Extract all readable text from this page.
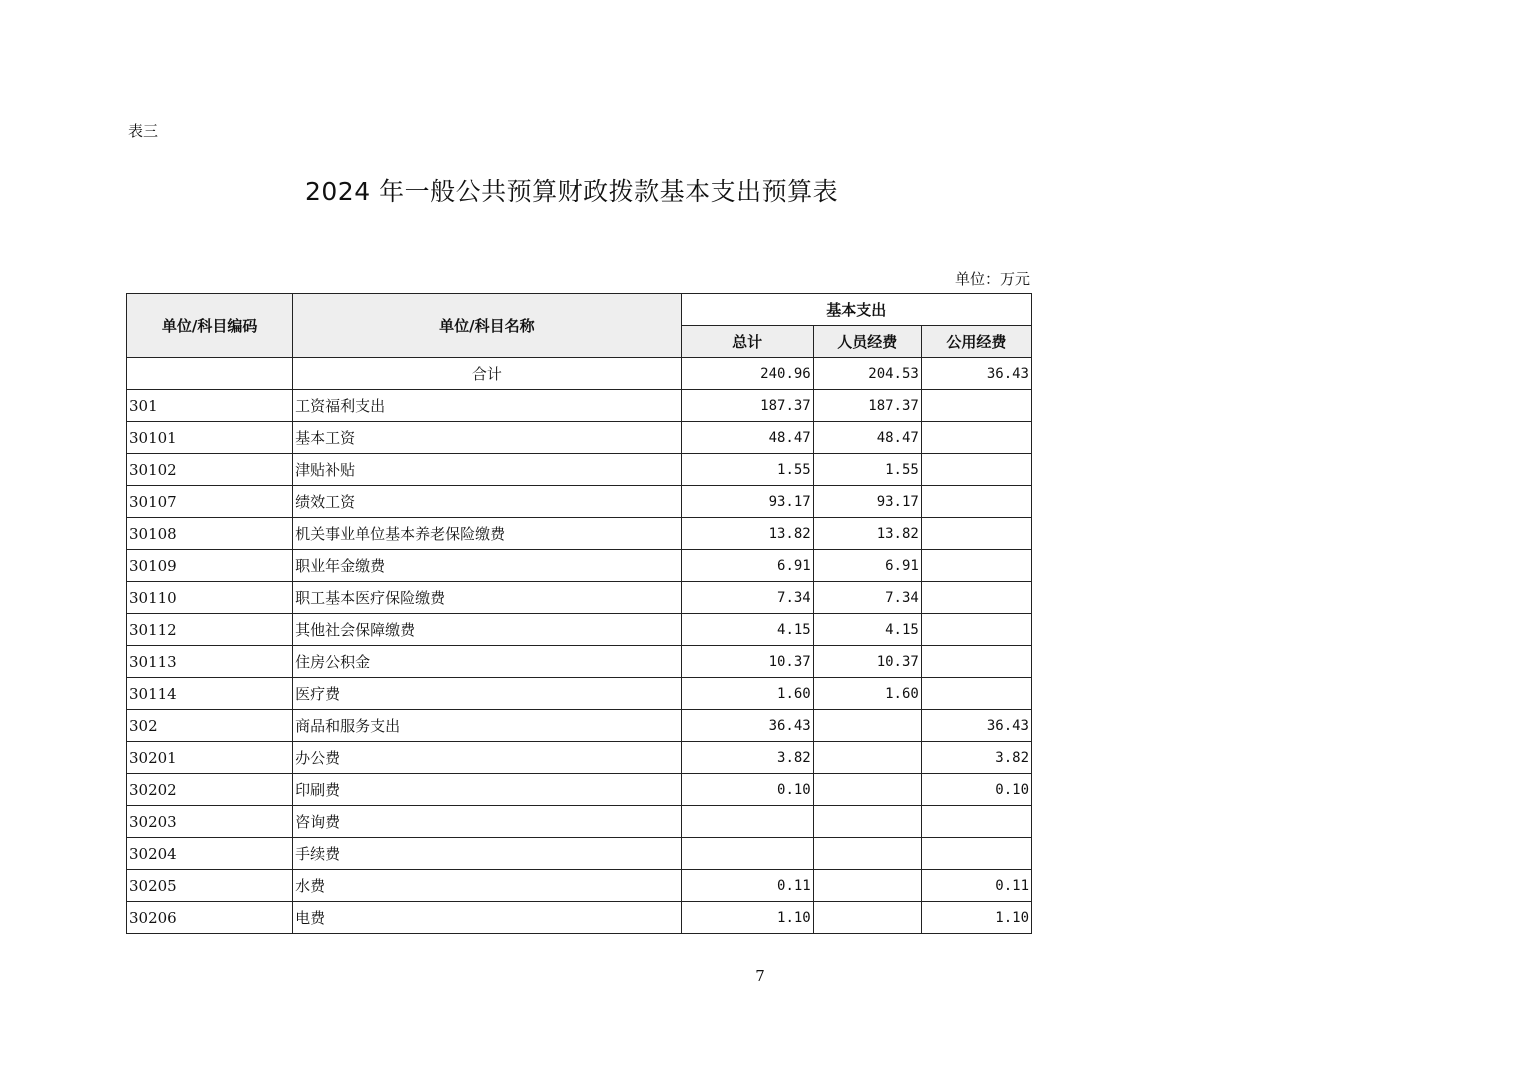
表三
2024 年一般公共预算财政拨款基本支出预算表
单位：万元
单位/科目编码	单位/科目名称	基本支出		
		总计	人员经费	公用经费
	合计	240.96	204.53	36.43
301	工资福利支出	187.37	187.37	
30101	基本工资	48.47	48.47	
30102	津贴补贴	1.55	1.55	
30107	绩效工资	93.17	93.17	
30108	机关事业单位基本养老保险缴费	13.82	13.82	
30109	职业年金缴费	6.91	6.91	
30110	职工基本医疗保险缴费	7.34	7.34	
30112	其他社会保障缴费	4.15	4.15	
30113	住房公积金	10.37	10.37	
30114	医疗费	1.60	1.60	
302	商品和服务支出	36.43		36.43
30201	办公费	3.82		3.82
30202	印刷费	0.10		0.10
30203	咨询费			
30204	手续费			
30205	水费	0.11		0.11
30206	电费	1.10		1.10
7
